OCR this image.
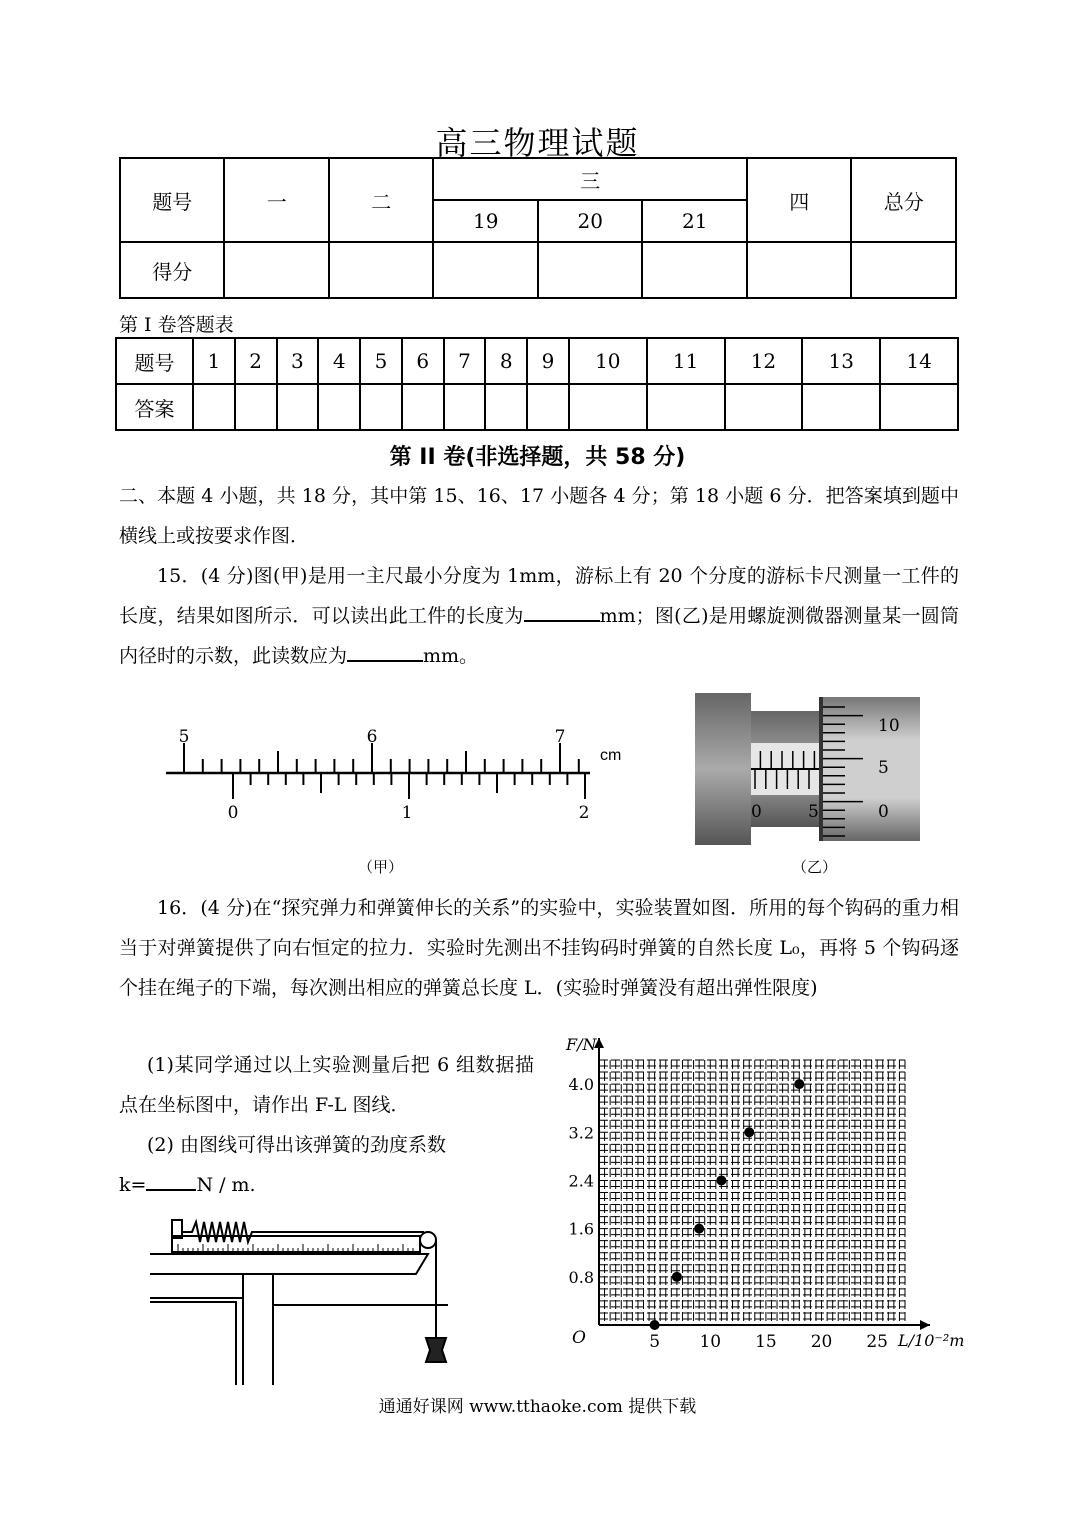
高三物理试题
题号	一	二	三			四	总分
			19	20	21		
得分							
第 I 卷答题表
题号	1	2	3	4	5	6	7	8	9	10	11	12	13	14
答案														
第 II 卷(非选择题，共 58 分)
二、本题 4 小题，共 18 分，其中第 15、16、17 小题各 4 分；第 18 小题 6 分．把答案填到题中横线上或按要求作图．
15．(4 分)图(甲)是用一主尺最小分度为 1mm，游标上有 20 个分度的游标卡尺测量一工件的长度，结果如图所示．可以读出此工件的长度为	mm；图(乙)是用螺旋测微器测量某一圆筒内径时的示数，此读数应为	mm。
5	6	7
cm
0	1	2
（甲）
10
5
0
0	5
（乙）
16．(4 分)在“探究弹力和弹簧伸长的关系”的实验中，实验装置如图．所用的每个钩码的重力相当于对弹簧提供了向右恒定的拉力．实验时先测出不挂钩码时弹簧的自然长度 L₀，再将 5 个钩码逐个挂在绳子的下端，每次测出相应的弹簧总长度 L．(实验时弹簧没有超出弹性限度)
(1)某同学通过以上实验测量后把 6 组数据描点在坐标图中，请作出 F-L 图线．
(2) 由图线可得出该弹簧的劲度系数
k=	N / m.
5 10 15 20 25
0.8
1.6
2.4
3.2
4.0
F/N
L/10⁻²m
O
通通好课网 www.tthaoke.com 提供下载
